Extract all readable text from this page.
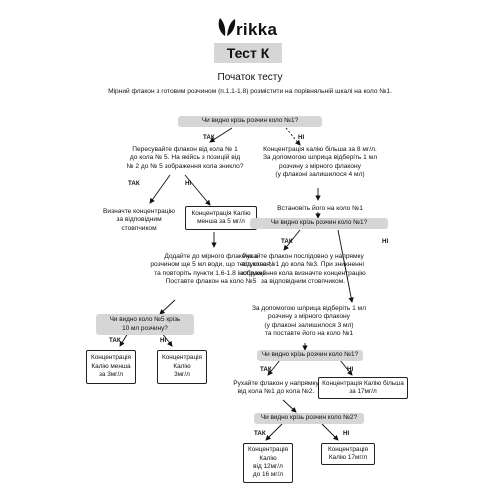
rikka
Тест К
Початок тесту
Мірний флакон з готовим розчином (п.1.1-1.8) розмістити на порівняльній шкалі на коло №1.
Чи видно крізь розчин коло №1?
ТАК	НІ
Пересувайте флакон від кола № 1
до кола № 5. На якійсь з позицій від
№ 2 до № 5 зображення кола зникло?
Концентрація калію більша за 8 мг/л.
За допомогою шприца відберіть 1 мл
розчину з мірного флакону
(у флаконі залишилося 4 мл)
ТАК	НІ
Визначте концентрацію
за відповідним стовпчиком
Концентрація Калію
менша за 5 мг/л
Встановіть його на коло №1
Чи видно крізь розчин коло №1?
ТАК	НІ
Додайте до мірного флакона з
розчином ще 5 мл води, що тестується,
та повторіть пункти 1.6-1.8 інструкції.
Поставте флакон на коло №5
Рухайте флакон послідовно у напрямку
від кола №1 до кола №3. При зникненні
зображення кола визначте концентрацію
за відповідним стовпчиком.
Чи видно коло №5 крізь
10 мл розчину?
За допомогою шприца відберіть 1 мл
розчину з мірного флакону
(у флаконі залишилося 3 мл)
та поставте його на коло №1
ТАК	НІ
Чи видно крізь розчин коло №1?
Концентрація
Калію менша
за 3мг/л
Концентрація
Калію
3мг/л
ТАК	НІ
Рухайте флакон у напрямку
від кола №1 до кола №2.
Концентрація Калію більша
за 17мг/л
Чи видно крізь розчин коло №2?
ТАК	НІ
Концентрація
Калію
від 12мг/л
до 16 мг/л
Концентрація
Калію 17мг/л
